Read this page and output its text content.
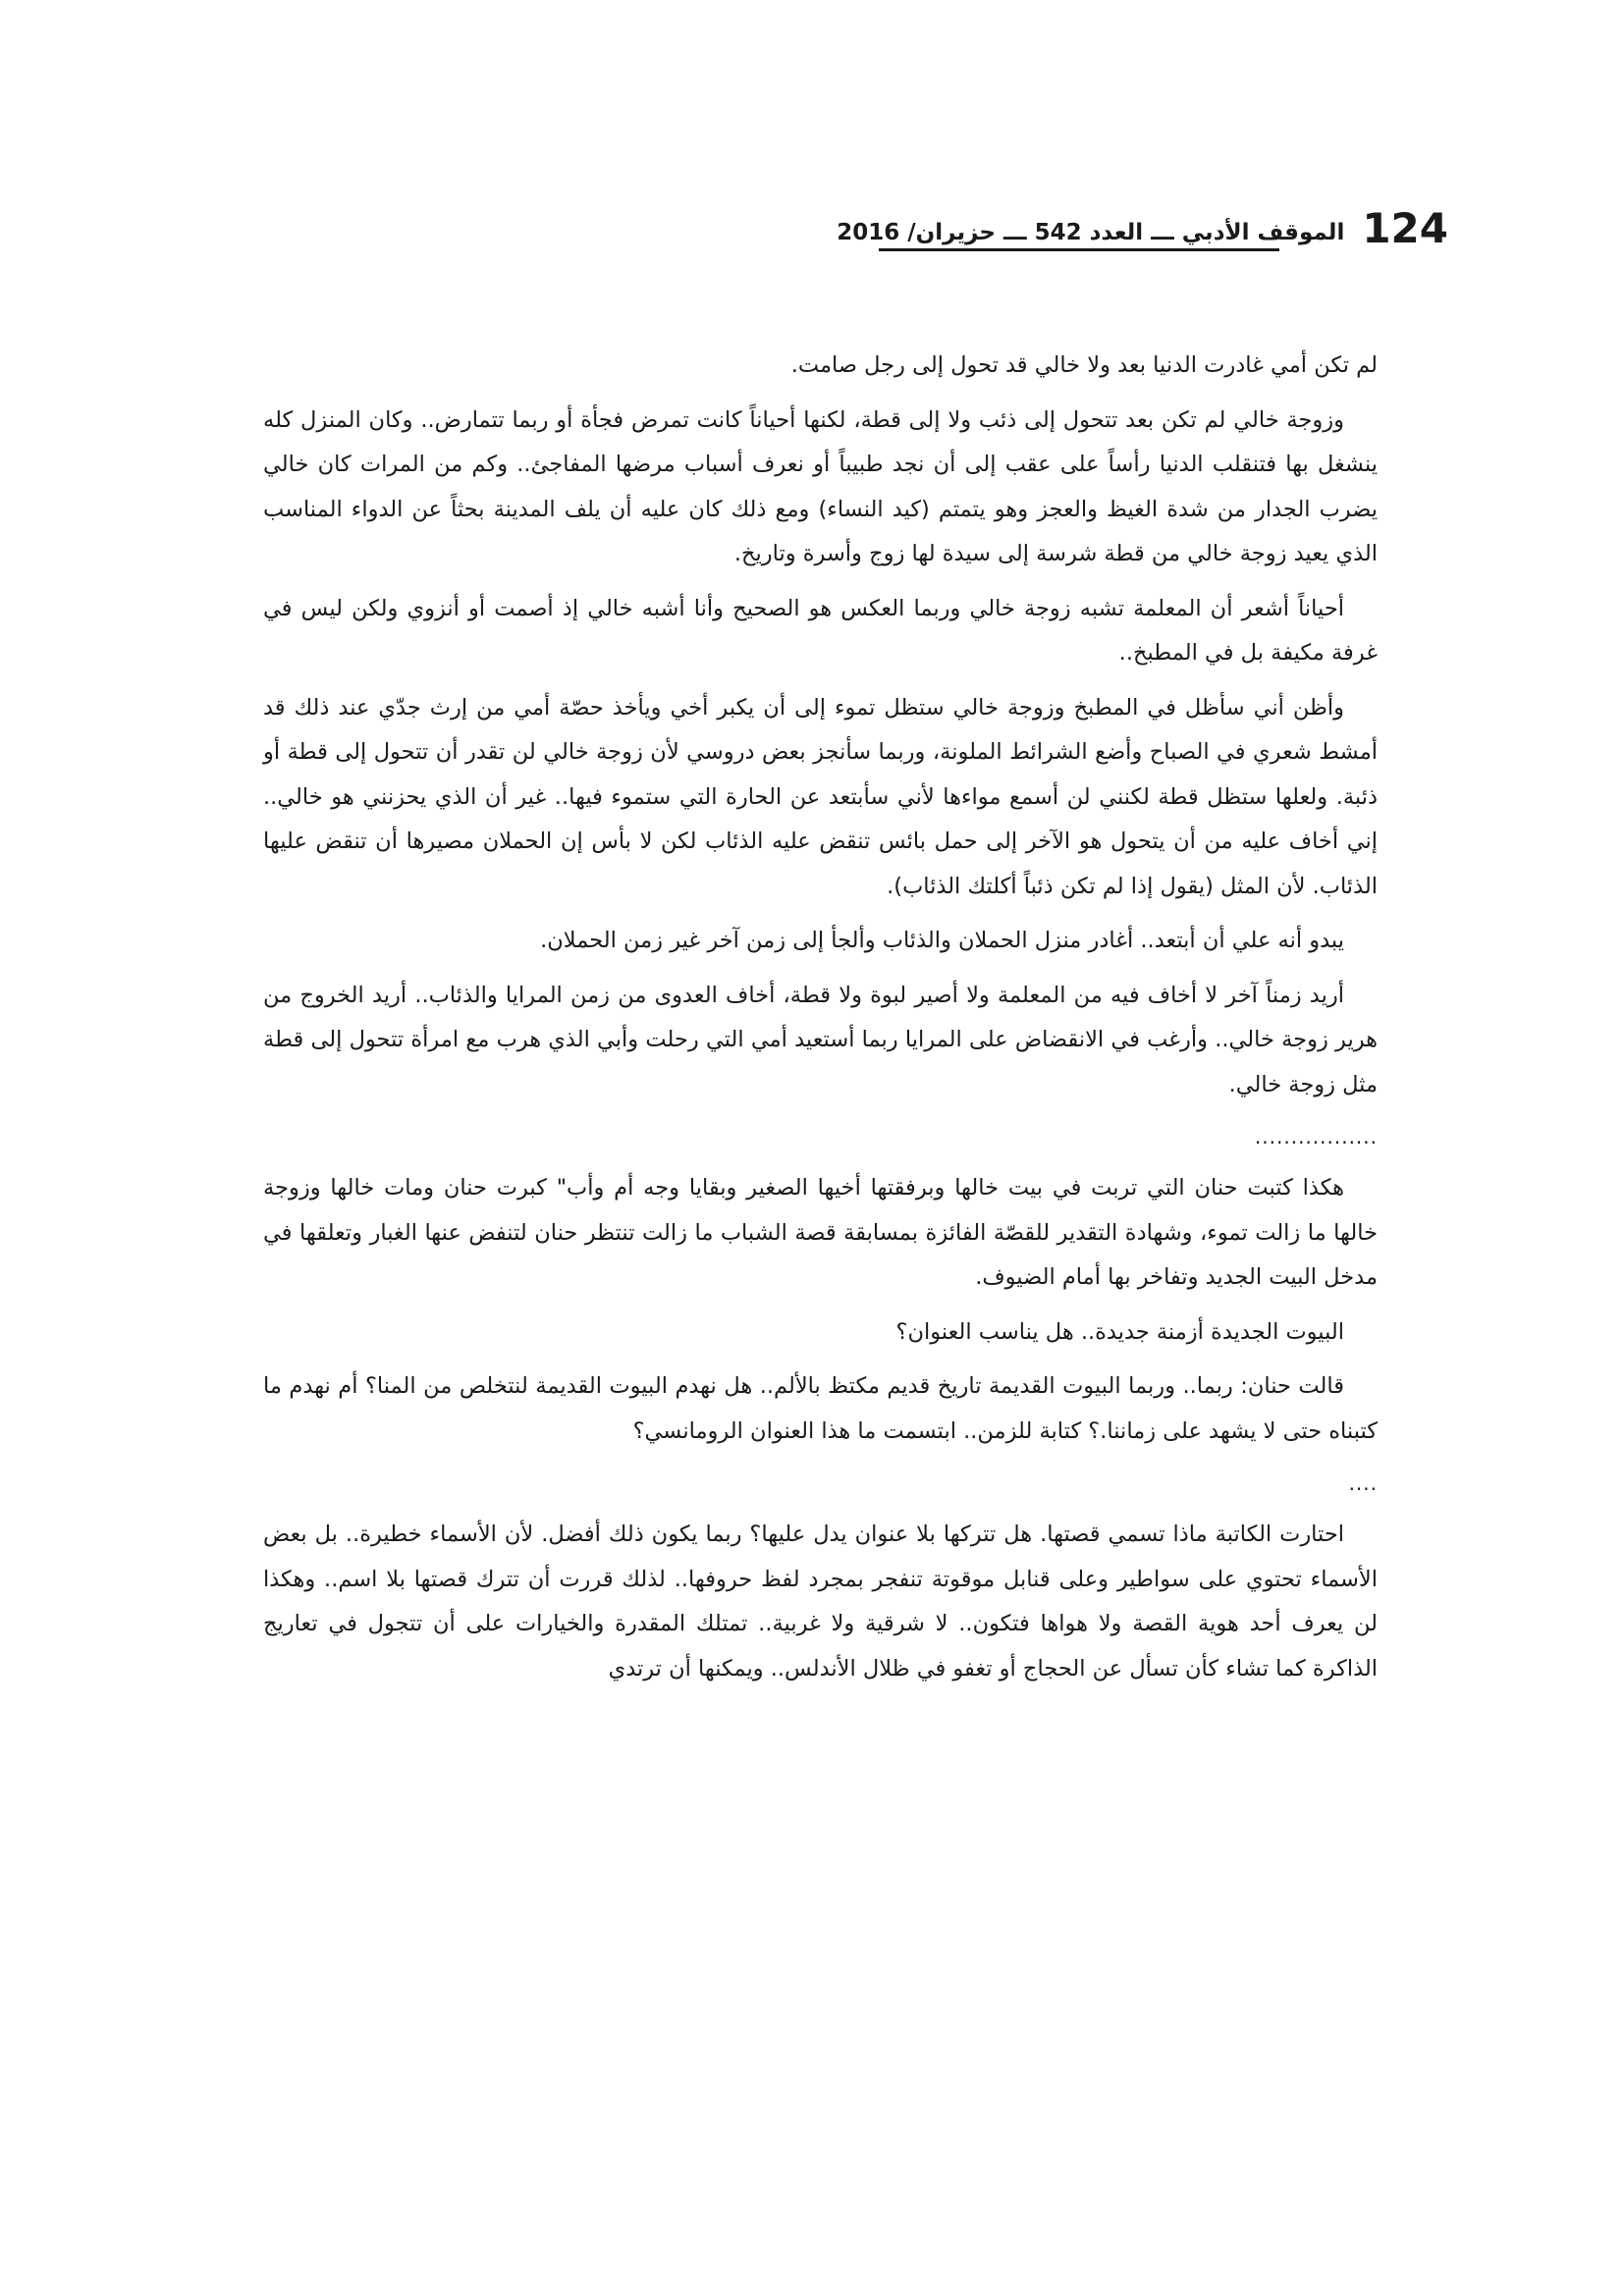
124
الموقف الأدبي ـــ العدد 542 ـــ حزيران/ 2016

لم تكن أمي غادرت الدنيا بعد ولا خالي قد تحول إلى رجل صامت.

وزوجة خالي لم تكن بعد تتحول إلى ذئب ولا إلى قطة، لكنها أحياناً كانت تمرض فجأة أو ربما تتمارض.. وكان المنزل كله ينشغل بها فتنقلب الدنيا رأساً على عقب إلى أن نجد طبيباً أو نعرف أسباب مرضها المفاجئ.. وكم من المرات كان خالي يضرب الجدار من شدة الغيظ والعجز وهو يتمتم (كيد النساء) ومع ذلك كان عليه أن يلف المدينة بحثاً عن الدواء المناسب الذي يعيد زوجة خالي من قطة شرسة إلى سيدة لها زوج وأسرة وتاريخ.

أحياناً أشعر أن المعلمة تشبه زوجة خالي وربما العكس هو الصحيح وأنا أشبه خالي إذ أصمت أو أنزوي ولكن ليس في غرفة مكيفة بل في المطبخ..

وأظن أني سأظل في المطبخ وزوجة خالي ستظل تموء إلى أن يكبر أخي ويأخذ حصّة أمي من إرث جدّي عند ذلك قد أمشط شعري في الصباح وأضع الشرائط الملونة، وربما سأنجز بعض دروسي لأن زوجة خالي لن تقدر أن تتحول إلى قطة أو ذئبة. ولعلها ستظل قطة لكنني لن أسمع مواءها لأني سأبتعد عن الحارة التي ستموء فيها.. غير أن الذي يحزنني هو خالي.. إني أخاف عليه من أن يتحول هو الآخر إلى حمل بائس تنقض عليه الذئاب لكن لا بأس إن الحملان مصيرها أن تنقض عليها الذئاب. لأن المثل (يقول إذا لم تكن ذئباً أكلتك الذئاب).

يبدو أنه علي أن أبتعد.. أغادر منزل الحملان والذئاب وألجأ إلى زمن آخر غير زمن الحملان.

أريد زمناً آخر لا أخاف فيه من المعلمة ولا أصير لبوة ولا قطة، أخاف العدوى من زمن المرايا والذئاب.. أريد الخروج من هرير زوجة خالي.. وأرغب في الانقضاض على المرايا ربما أستعيد أمي التي رحلت وأبي الذي هرب مع امرأة تتحول إلى قطة مثل زوجة خالي.

.................

هكذا كتبت حنان التي تربت في بيت خالها وبرفقتها أخيها الصغير وبقايا وجه أم وأب" كبرت حنان ومات خالها وزوجة خالها ما زالت تموء، وشهادة التقدير للقصّة الفائزة بمسابقة قصة الشباب ما زالت تنتظر حنان لتنفض عنها الغبار وتعلقها في مدخل البيت الجديد وتفاخر بها أمام الضيوف.

البيوت الجديدة أزمنة جديدة.. هل يناسب العنوان؟

قالت حنان: ربما.. وربما البيوت القديمة تاريخ قديم مكتظ بالألم.. هل نهدم البيوت القديمة لنتخلص من المنا؟ أم نهدم ما كتبناه حتى لا يشهد على زماننا.؟ كتابة للزمن.. ابتسمت ما هذا العنوان الرومانسي؟

....

احتارت الكاتبة ماذا تسمي قصتها. هل تتركها بلا عنوان يدل عليها؟ ربما يكون ذلك أفضل. لأن الأسماء خطيرة.. بل بعض الأسماء تحتوي على سواطير وعلى قنابل موقوتة تنفجر بمجرد لفظ حروفها.. لذلك قررت أن تترك قصتها بلا اسم.. وهكذا لن يعرف أحد هوية القصة ولا هواها فتكون.. لا شرقية ولا غربية.. تمتلك المقدرة والخيارات على أن تتجول في تعاريج الذاكرة كما تشاء كأن تسأل عن الحجاج أو تغفو في ظلال الأندلس.. ويمكنها أن ترتدي
